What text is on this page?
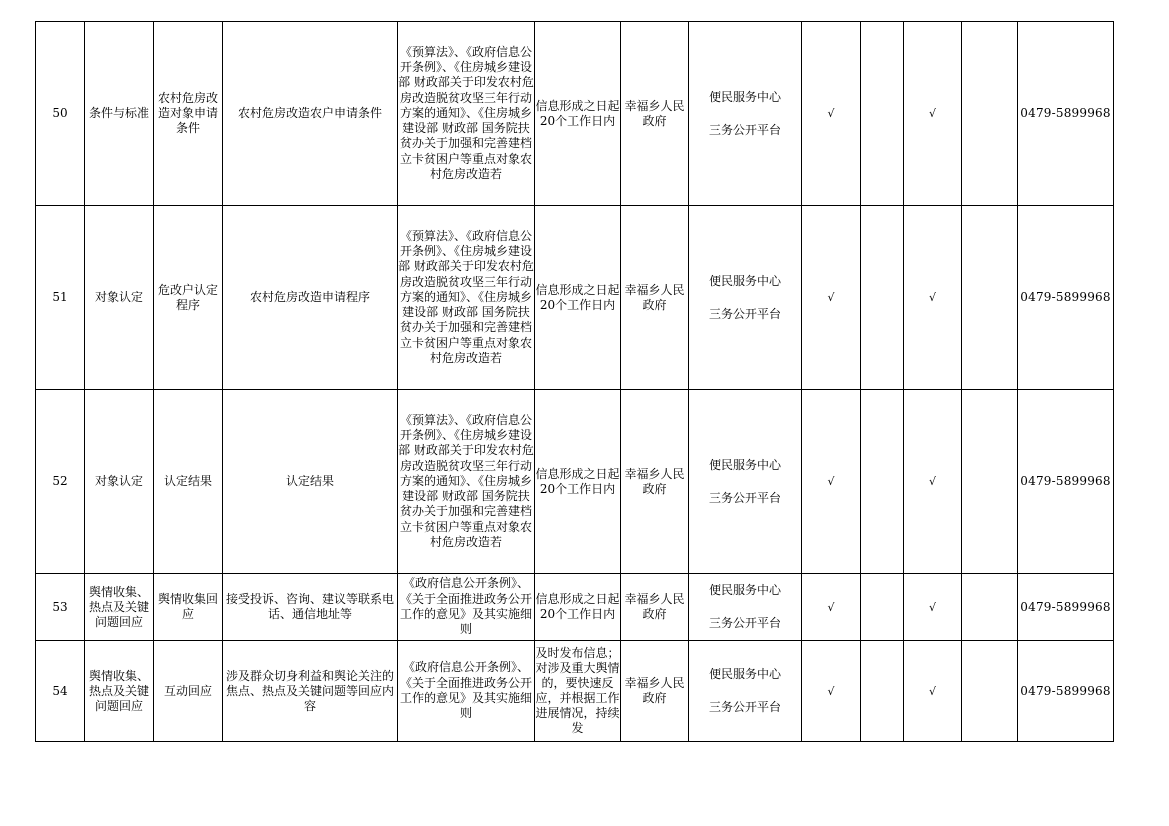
50	条件与标准	农村危房改造对象申请条件	农村危房改造农户申请条件	《预算法》、《政府信息公开条例》、《住房城乡建设部 财政部关于印发农村危房改造脱贫攻坚三年行动方案的通知》、《住房城乡建设部 财政部 国务院扶贫办关于加强和完善建档立卡贫困户等重点对象农村危房改造若	信息形成之日起20个工作日内	幸福乡人民政府	便民服务中心
三务公开平台	√		√		0479-5899968
51	对象认定	危改户认定程序	农村危房改造申请程序	《预算法》、《政府信息公开条例》、《住房城乡建设部 财政部关于印发农村危房改造脱贫攻坚三年行动方案的通知》、《住房城乡建设部 财政部 国务院扶贫办关于加强和完善建档立卡贫困户等重点对象农村危房改造若	信息形成之日起20个工作日内	幸福乡人民政府	便民服务中心
三务公开平台	√		√		0479-5899968
52	对象认定	认定结果	认定结果	《预算法》、《政府信息公开条例》、《住房城乡建设部 财政部关于印发农村危房改造脱贫攻坚三年行动方案的通知》、《住房城乡建设部 财政部 国务院扶贫办关于加强和完善建档立卡贫困户等重点对象农村危房改造若	信息形成之日起20个工作日内	幸福乡人民政府	便民服务中心
三务公开平台	√		√		0479-5899968
53	舆情收集、热点及关键问题回应	舆情收集回应	接受投诉、咨询、建议等联系电话、通信地址等	《政府信息公开条例》、《关于全面推进政务公开工作的意见》及其实施细则	信息形成之日起20个工作日内	幸福乡人民政府	便民服务中心
三务公开平台	√		√		0479-5899968
54	舆情收集、热点及关键问题回应	互动回应	涉及群众切身利益和舆论关注的焦点、热点及关键问题等回应内容	《政府信息公开条例》、《关于全面推进政务公开工作的意见》及其实施细则	及时发布信息；对涉及重大舆情的，要快速反应，并根据工作进展情况，持续发	幸福乡人民政府	便民服务中心
三务公开平台	√		√		0479-5899968
